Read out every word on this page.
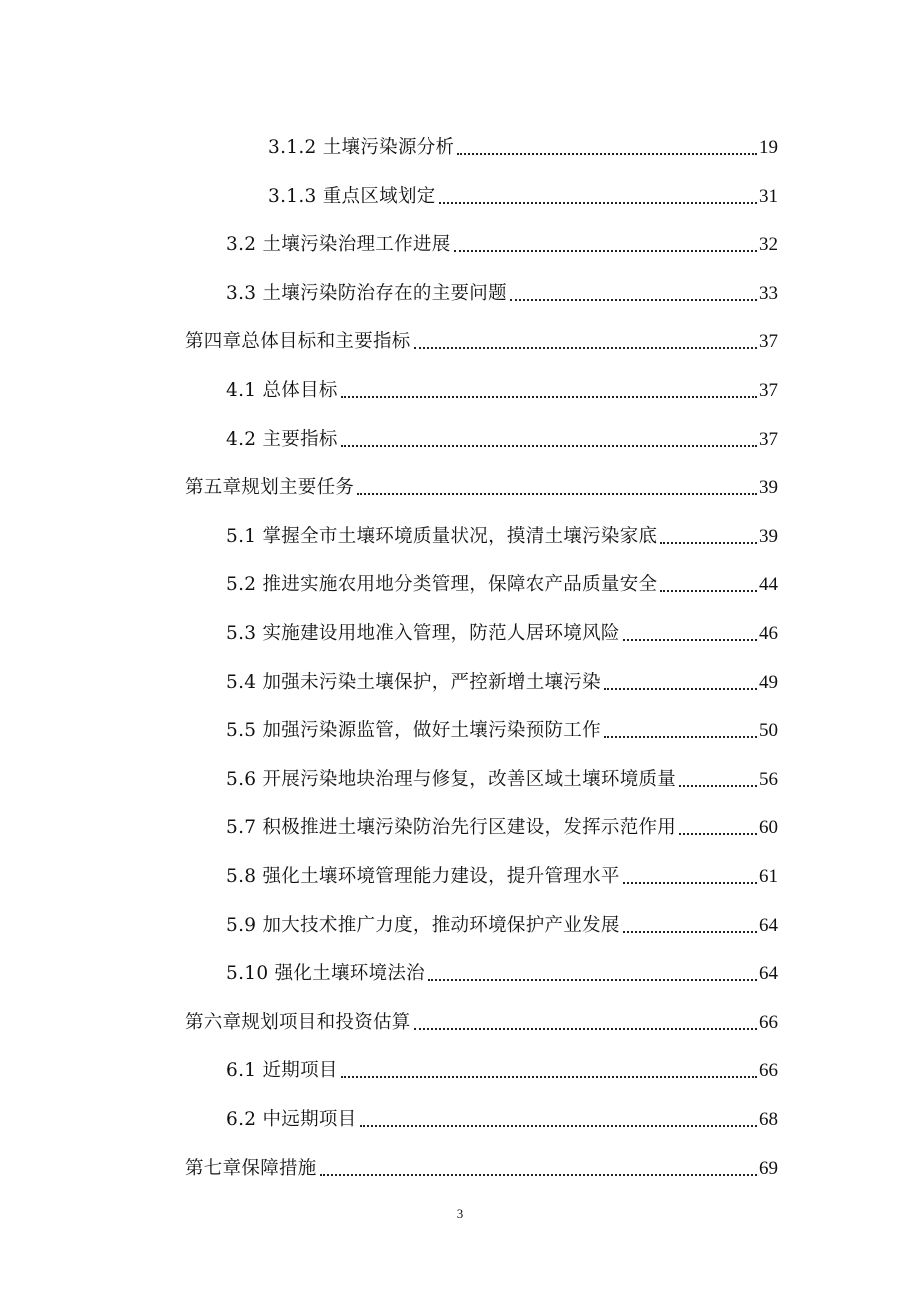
3.1.2 土壤污染源分析	19
3.1.3 重点区域划定	31
3.2 土壤污染治理工作进展	32
3.3 土壤污染防治存在的主要问题	33
第四章总体目标和主要指标	37
4.1 总体目标	37
4.2 主要指标	37
第五章规划主要任务	39
5.1 掌握全市土壤环境质量状况，摸清土壤污染家底	39
5.2 推进实施农用地分类管理，保障农产品质量安全	44
5.3 实施建设用地准入管理，防范人居环境风险	46
5.4 加强未污染土壤保护，严控新增土壤污染	49
5.5 加强污染源监管，做好土壤污染预防工作	50
5.6 开展污染地块治理与修复，改善区域土壤环境质量	56
5.7 积极推进土壤污染防治先行区建设，发挥示范作用	60
5.8 强化土壤环境管理能力建设，提升管理水平	61
5.9 加大技术推广力度，推动环境保护产业发展	64
5.10 强化土壤环境法治	64
第六章规划项目和投资估算	66
6.1 近期项目	66
6.2 中远期项目	68
第七章保障措施	69
3
